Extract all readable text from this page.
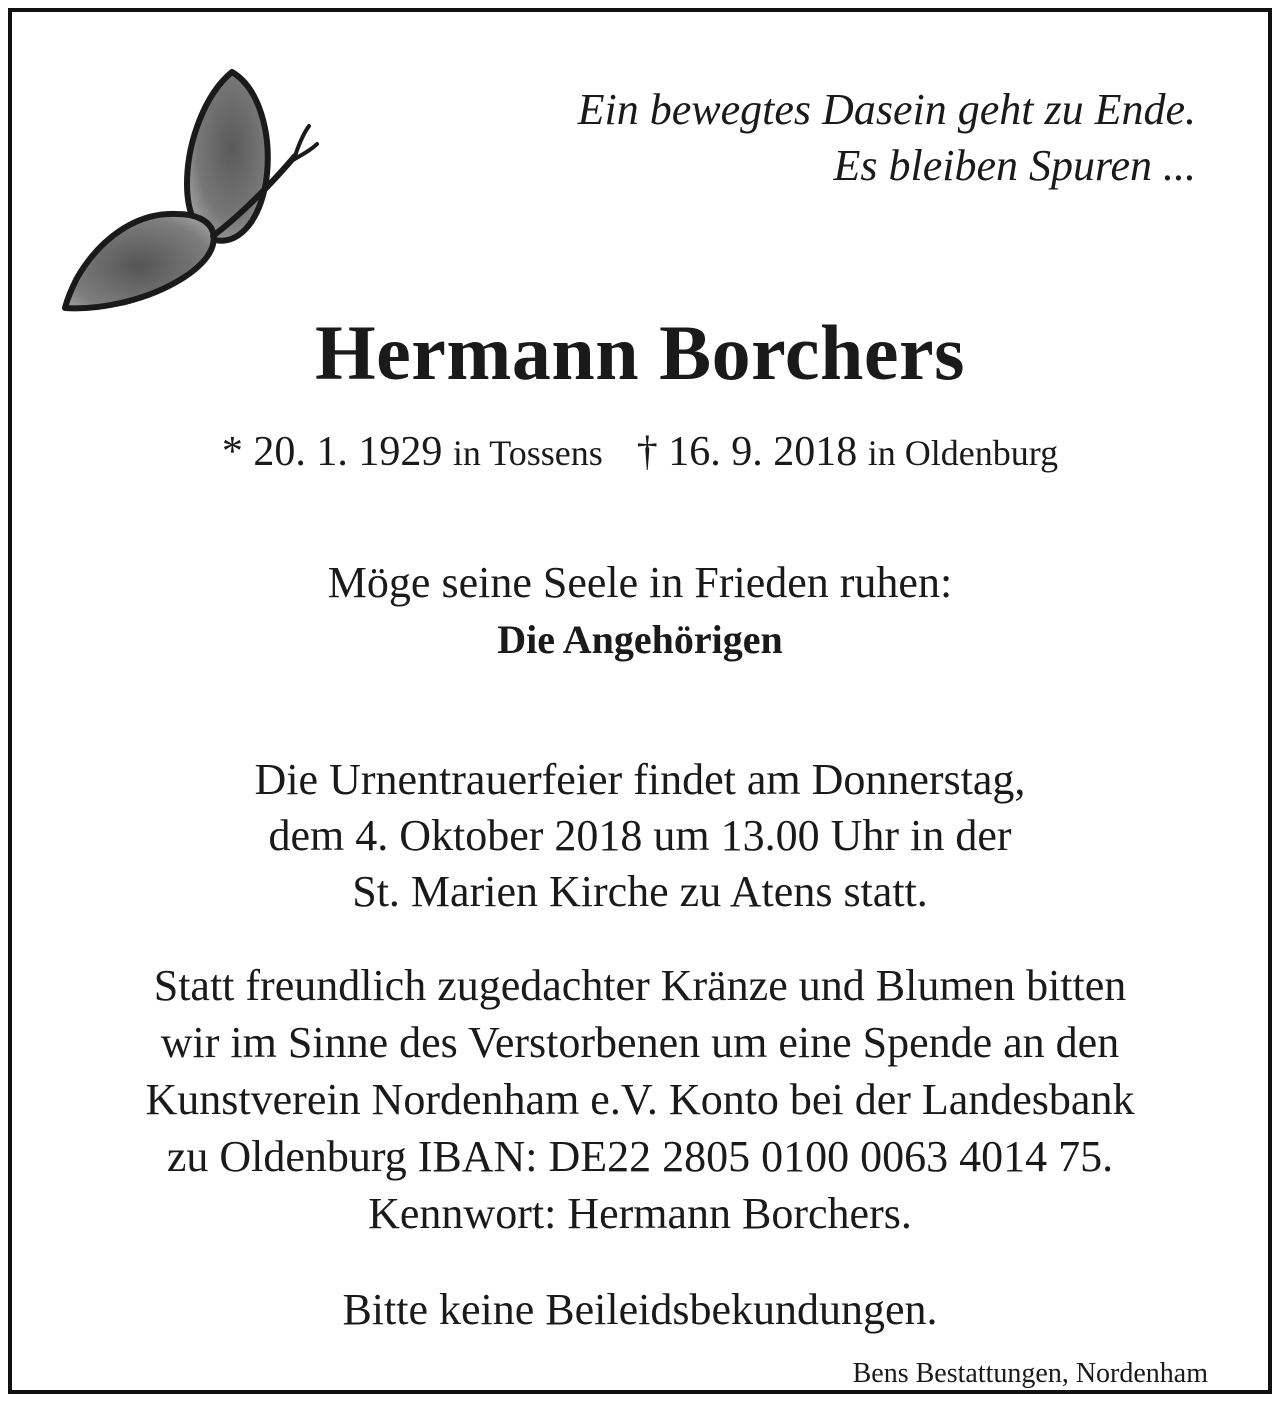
Ein bewegtes Dasein geht zu Ende.
Es bleiben Spuren ...
Hermann Borchers
* 20. 1. 1929 in Tossens † 16. 9. 2018 in Oldenburg
Möge seine Seele in Frieden ruhen:
Die Angehörigen
Die Urnentrauerfeier findet am Donnerstag,
dem 4. Oktober 2018 um 13.00 Uhr in der
St. Marien Kirche zu Atens statt.
Statt freundlich zugedachter Kränze und Blumen bitten
wir im Sinne des Verstorbenen um eine Spende an den
Kunstverein Nordenham e.V. Konto bei der Landesbank
zu Oldenburg IBAN: DE22 2805 0100 0063 4014 75.
Kennwort: Hermann Borchers.
Bitte keine Beileidsbekundungen.
Bens Bestattungen, Nordenham
